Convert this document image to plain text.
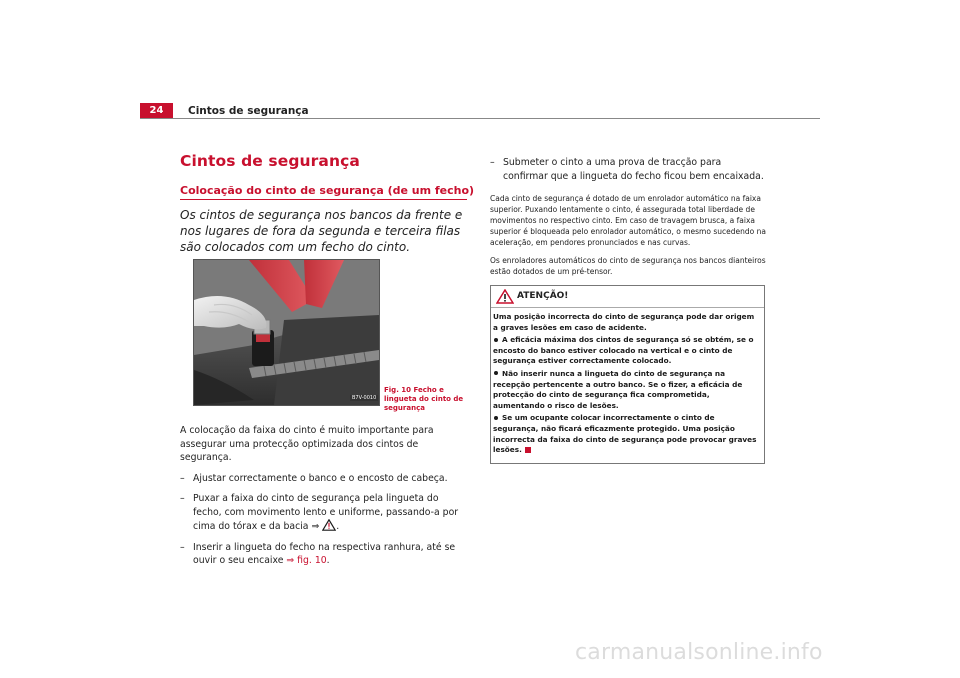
24	Cintos de segurança
Cintos de segurança
Colocação do cinto de segurança (de um fecho)
Os cintos de segurança nos bancos da frente e nos lugares de fora da segunda e terceira filas são colocados com um fecho do cinto.
B7V-0010
Fig. 10 Fecho e lingueta do cinto de segurança

A colocação da faixa do cinto é muito importante para assegurar uma protecção optimizada dos cintos de segurança.

– Ajustar correctamente o banco e o encosto de cabeça.
– Puxar a faixa do cinto de segurança pela lingueta do fecho, com movimento lento e uniforme, passando-a por cima do tórax e da bacia ⇒ .
– Inserir a lingueta do fecho na respectiva ranhura, até se ouvir o seu encaixe ⇒ fig. 10.
– Submeter o cinto a uma prova de tracção para confirmar que a lingueta do fecho ficou bem encaixada.
Cada cinto de segurança é dotado de um enrolador automático na faixa superior. Puxando lentamente o cinto, é assegurada total liberdade de movimentos no respectivo cinto. Em caso de travagem brusca, a faixa superior é bloqueada pelo enrolador automático, o mesmo sucedendo na aceleração, em pendores pronunciados e nas curvas.
Os enroladores automáticos do cinto de segurança nos bancos dianteiros estão dotados de um pré-tensor.
ATENÇÃO!
Uma posição incorrecta do cinto de segurança pode dar origem a graves lesões em caso de acidente.
A eficácia máxima dos cintos de segurança só se obtém, se o encosto do banco estiver colocado na vertical e o cinto de segurança estiver correctamente colocado.
Não inserir nunca a lingueta do cinto de segurança na recepção pertencente a outro banco. Se o fizer, a eficácia de protecção do cinto de segurança fica comprometida, aumentando o risco de lesões.
Se um ocupante colocar incorrectamente o cinto de segurança, não ficará eficazmente protegido. Uma posição incorrecta da faixa do cinto de segurança pode provocar graves lesões.
carmanualsonline.info
